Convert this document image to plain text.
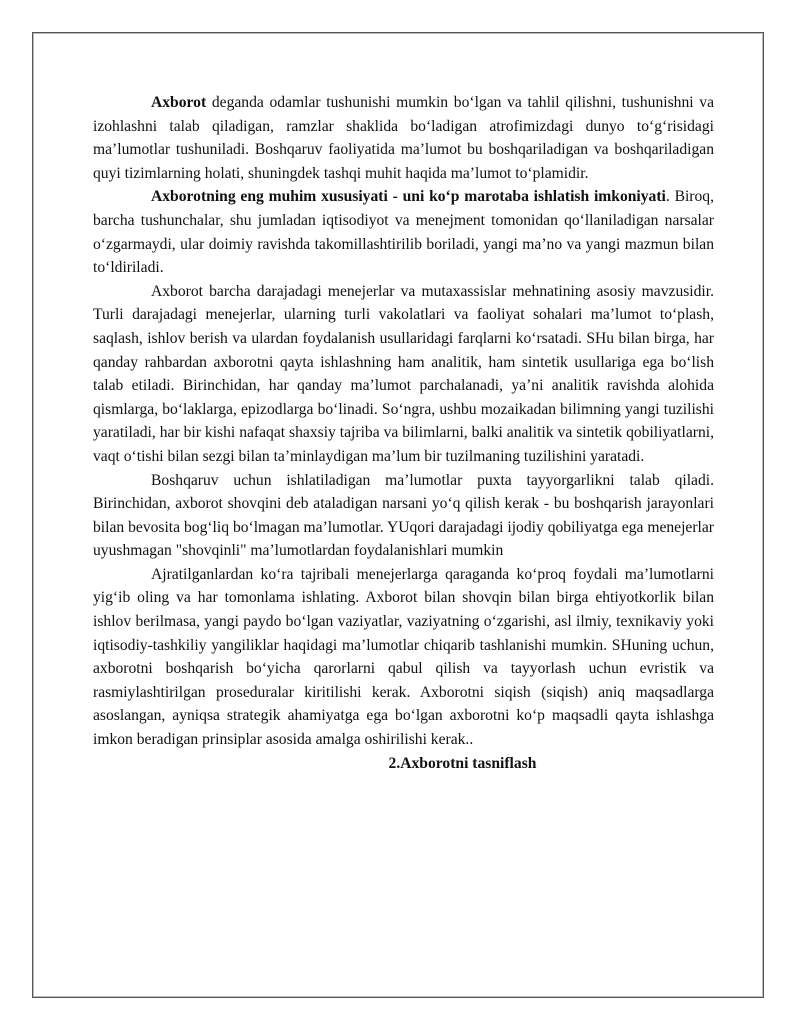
Axborot deganda odamlar tushunishi mumkin bo‘lgan va tahlil qilishni, tushunishni va izohlashni talab qiladigan, ramzlar shaklida bo‘ladigan atrofimizdagi dunyo to‘g‘risidagi ma’lumotlar tushuniladi. Boshqaruv faoliyatida ma’lumot bu boshqariladigan va boshqariladigan quyi tizimlarning holati, shuningdek tashqi muhit haqida ma’lumot to‘plamidir.

Axborotning eng muhim xususiyati - uni ko‘p marotaba ishlatish imkoniyati. Biroq, barcha tushunchalar, shu jumladan iqtisodiyot va menejment tomonidan qo‘llaniladigan narsalar o‘zgarmaydi, ular doimiy ravishda takomillashtirilib boriladi, yangi ma’no va yangi mazmun bilan to‘ldiriladi.

Axborot barcha darajadagi menejerlar va mutaxassislar mehnatining asosiy mavzusidir. Turli darajadagi menejerlar, ularning turli vakolatlari va faoliyat sohalari ma’lumot to‘plash, saqlash, ishlov berish va ulardan foydalanish usullaridagi farqlarni ko‘rsatadi. SHu bilan birga, har qanday rahbardan axborotni qayta ishlashning ham analitik, ham sintetik usullariga ega bo‘lish talab etiladi. Birinchidan, har qanday ma’lumot parchalanadi, ya’ni analitik ravishda alohida qismlarga, bo‘laklarga, epizodlarga bo‘linadi. So‘ngra, ushbu mozaikadan bilimning yangi tuzilishi yaratiladi, har bir kishi nafaqat shaxsiy tajriba va bilimlarni, balki analitik va sintetik qobiliyatlarni, vaqt o‘tishi bilan sezgi bilan ta’minlaydigan ma’lum bir tuzilmaning tuzilishini yaratadi.

Boshqaruv uchun ishlatiladigan ma’lumotlar puxta tayyorgarlikni talab qiladi. Birinchidan, axborot shovqini deb ataladigan narsani yo‘q qilish kerak - bu boshqarish jarayonlari bilan bevosita bog‘liq bo‘lmagan ma’lumotlar. YUqori darajadagi ijodiy qobiliyatga ega menejerlar uyushmagan "shovqinli" ma’lumotlardan foydalanishlari mumkin

Ajratilganlardan ko‘ra tajribali menejerlarga qaraganda ko‘proq foydali ma’lumotlarni yig‘ib oling va har tomonlama ishlating. Axborot bilan shovqin bilan birga ehtiyotkorlik bilan ishlov berilmasa, yangi paydo bo‘lgan vaziyatlar, vaziyatning o‘zgarishi, asl ilmiy, texnikaviy yoki iqtisodiy-tashkiliy yangiliklar haqidagi ma’lumotlar chiqarib tashlanishi mumkin. SHuning uchun, axborotni boshqarish bo‘yicha qarorlarni qabul qilish va tayyorlash uchun evristik va rasmiylashtirilgan proseduralar kiritilishi kerak. Axborotni siqish (siqish) aniq maqsadlarga asoslangan, ayniqsa strategik ahamiyatga ega bo‘lgan axborotni ko‘p maqsadli qayta ishlashga imkon beradigan prinsiplar asosida amalga oshirilishi kerak..

2.Axborotni tasniflash
